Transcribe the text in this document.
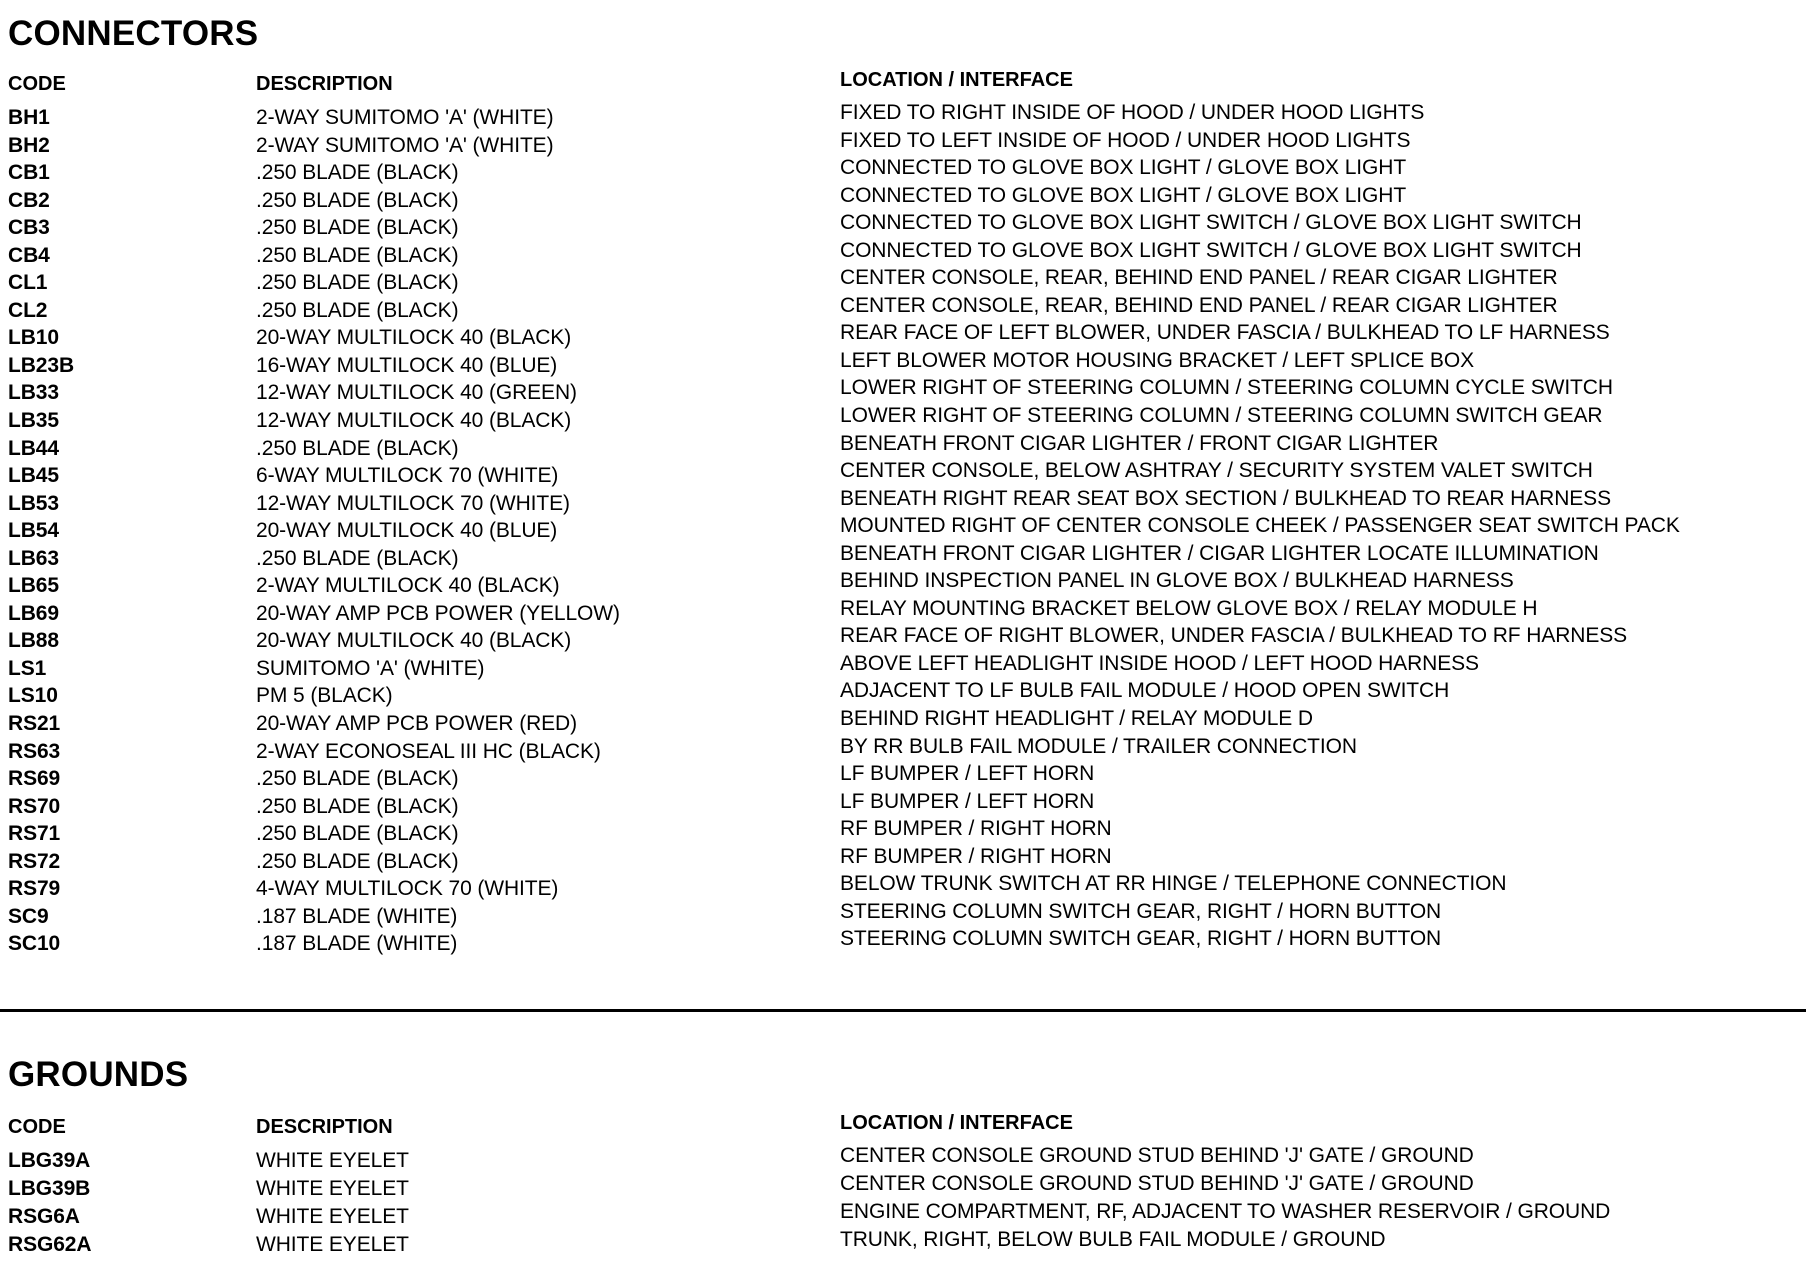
CONNECTORS
CODE	DESCRIPTION	LOCATION / INTERFACE
BH1	2-WAY SUMITOMO 'A' (WHITE)	FIXED TO RIGHT INSIDE OF HOOD / UNDER HOOD LIGHTS
BH2	2-WAY SUMITOMO 'A' (WHITE)	FIXED TO LEFT INSIDE OF HOOD / UNDER HOOD LIGHTS
CB1	.250 BLADE (BLACK)	CONNECTED TO GLOVE BOX LIGHT / GLOVE BOX LIGHT
CB2	.250 BLADE (BLACK)	CONNECTED TO GLOVE BOX LIGHT / GLOVE BOX LIGHT
CB3	.250 BLADE (BLACK)	CONNECTED TO GLOVE BOX LIGHT SWITCH / GLOVE BOX LIGHT SWITCH
CB4	.250 BLADE (BLACK)	CONNECTED TO GLOVE BOX LIGHT SWITCH / GLOVE BOX LIGHT SWITCH
CL1	.250 BLADE (BLACK)	CENTER CONSOLE, REAR, BEHIND END PANEL / REAR CIGAR LIGHTER
CL2	.250 BLADE (BLACK)	CENTER CONSOLE, REAR, BEHIND END PANEL / REAR CIGAR LIGHTER
LB10	20-WAY MULTILOCK 40 (BLACK)	REAR FACE OF LEFT BLOWER, UNDER FASCIA / BULKHEAD TO LF HARNESS
LB23B	16-WAY MULTILOCK 40 (BLUE)	LEFT BLOWER MOTOR HOUSING BRACKET / LEFT SPLICE BOX
LB33	12-WAY MULTILOCK 40 (GREEN)	LOWER RIGHT OF STEERING COLUMN / STEERING COLUMN CYCLE SWITCH
LB35	12-WAY MULTILOCK 40 (BLACK)	LOWER RIGHT OF STEERING COLUMN / STEERING COLUMN SWITCH GEAR
LB44	.250 BLADE (BLACK)	BENEATH FRONT CIGAR LIGHTER / FRONT CIGAR LIGHTER
LB45	6-WAY MULTILOCK 70 (WHITE)	CENTER CONSOLE, BELOW ASHTRAY / SECURITY SYSTEM VALET SWITCH
LB53	12-WAY MULTILOCK 70 (WHITE)	BENEATH RIGHT REAR SEAT BOX SECTION / BULKHEAD TO REAR HARNESS
LB54	20-WAY MULTILOCK 40 (BLUE)	MOUNTED RIGHT OF CENTER CONSOLE CHEEK / PASSENGER SEAT SWITCH PACK
LB63	.250 BLADE (BLACK)	BENEATH FRONT CIGAR LIGHTER / CIGAR LIGHTER LOCATE ILLUMINATION
LB65	2-WAY MULTILOCK 40 (BLACK)	BEHIND INSPECTION PANEL IN GLOVE BOX / BULKHEAD HARNESS
LB69	20-WAY AMP PCB POWER (YELLOW)	RELAY MOUNTING BRACKET BELOW GLOVE BOX / RELAY MODULE H
LB88	20-WAY MULTILOCK 40 (BLACK)	REAR FACE OF RIGHT BLOWER, UNDER FASCIA / BULKHEAD TO RF HARNESS
LS1	SUMITOMO 'A' (WHITE)	ABOVE LEFT HEADLIGHT INSIDE HOOD / LEFT HOOD HARNESS
LS10	PM 5 (BLACK)	ADJACENT TO LF BULB FAIL MODULE / HOOD OPEN SWITCH
RS21	20-WAY AMP PCB POWER (RED)	BEHIND RIGHT HEADLIGHT / RELAY MODULE D
RS63	2-WAY ECONOSEAL III HC (BLACK)	BY RR BULB FAIL MODULE / TRAILER CONNECTION
RS69	.250 BLADE (BLACK)	LF BUMPER / LEFT HORN
RS70	.250 BLADE (BLACK)	LF BUMPER / LEFT HORN
RS71	.250 BLADE (BLACK)	RF BUMPER / RIGHT HORN
RS72	.250 BLADE (BLACK)	RF BUMPER / RIGHT HORN
RS79	4-WAY MULTILOCK 70 (WHITE)	BELOW TRUNK SWITCH AT RR HINGE / TELEPHONE CONNECTION
SC9	.187 BLADE (WHITE)	STEERING COLUMN SWITCH GEAR, RIGHT / HORN BUTTON
SC10	.187 BLADE (WHITE)	STEERING COLUMN SWITCH GEAR, RIGHT / HORN BUTTON
GROUNDS
CODE	DESCRIPTION	LOCATION / INTERFACE
LBG39A	WHITE EYELET	CENTER CONSOLE GROUND STUD BEHIND 'J' GATE / GROUND
LBG39B	WHITE EYELET	CENTER CONSOLE GROUND STUD BEHIND 'J' GATE / GROUND
RSG6A	WHITE EYELET	ENGINE COMPARTMENT, RF, ADJACENT TO WASHER RESERVOIR / GROUND
RSG62A	WHITE EYELET	TRUNK, RIGHT, BELOW BULB FAIL MODULE / GROUND
